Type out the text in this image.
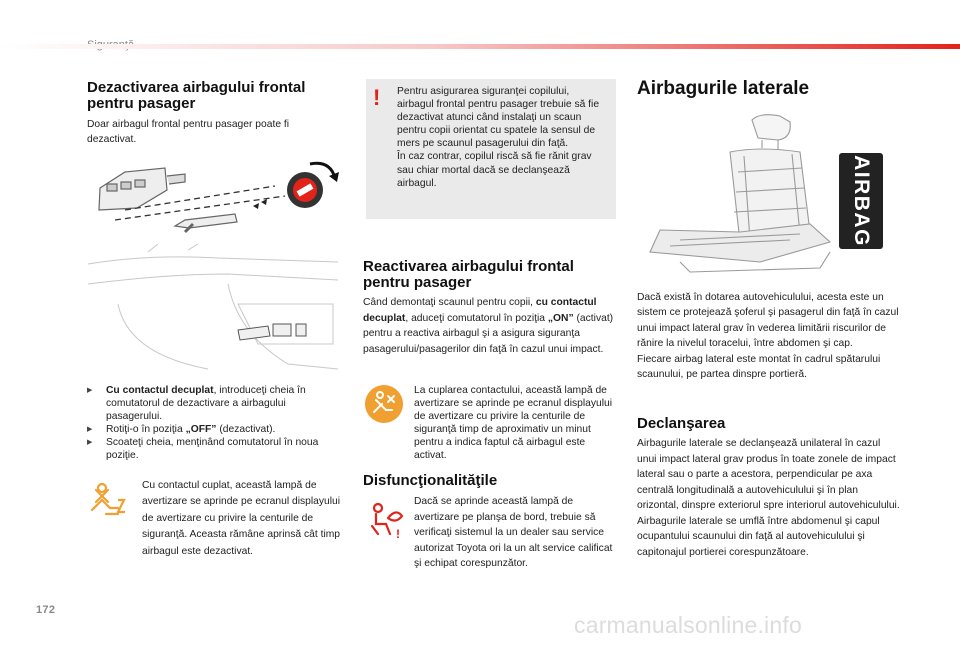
Dezactivarea airbagului frontal pentru pasager
Doar airbagul frontal pentru pasager poate fi dezactivat.
▶ Cu contactul decuplat, introduceţi cheia în comutatorul de dezactivare a airbagului pasagerului.
▶ Rotiţi-o în poziţia „OFF” (dezactivat).
▶ Scoateţi cheia, menţinând comutatorul în noua poziţie.
Cu contactul cuplat, această lampă de avertizare se aprinde pe ecranul displayului de avertizare cu privire la centurile de siguranţă. Aceasta rămâne aprinsă cât timp airbagul este dezactivat.
! Pentru asigurarea siguranţei copilului, airbagul frontal pentru pasager trebuie să fie dezactivat atunci când instalaţi un scaun pentru copii orientat cu spatele la sensul de mers pe scaunul pasagerului din faţă.
În caz contrar, copilul riscă să fie rănit grav sau chiar mortal dacă se declanşează airbagul.
Reactivarea airbagului frontal pentru pasager
Când demontaţi scaunul pentru copii, cu contactul decuplat, aduceţi comutatorul în poziţia „ON” (activat) pentru a reactiva airbagul şi a asigura siguranţa pasagerului/pasagerilor din faţă în cazul unui impact.
La cuplarea contactului, această lampă de avertizare se aprinde pe ecranul displayului de avertizare cu privire la centurile de siguranţă timp de aproximativ un minut pentru a indica faptul că airbagul este activat.
Disfuncţionalităţile
!
Dacă se aprinde această lampă de avertizare pe planşa de bord, trebuie să verificaţi sistemul la un dealer sau service autorizat Toyota ori la un alt service calificat şi echipat corespunzător.
Airbagurile laterale
AIRBAG
Dacă există în dotarea autovehiculului, acesta este un sistem ce protejează şoferul şi pasagerul din faţă în cazul unui impact lateral grav în vederea limitării riscurilor de rănire la nivelul toracelui, între abdomen şi cap.
Fiecare airbag lateral este montat în cadrul spătarului scaunului, pe partea dinspre portieră.
Declanşarea
Airbagurile laterale se declanşează unilateral în cazul unui impact lateral grav produs în toate zonele de impact lateral sau o parte a acestora, perpendicular pe axa centrală longitudinală a autovehiculului şi în plan orizontal, dinspre exteriorul spre interiorul autovehiculului.
Airbagurile laterale se umflă între abdomenul şi capul ocupantului scaunului din faţă al autovehiculului şi capitonajul portierei corespunzătoare.
172
carmanualsonline.info
